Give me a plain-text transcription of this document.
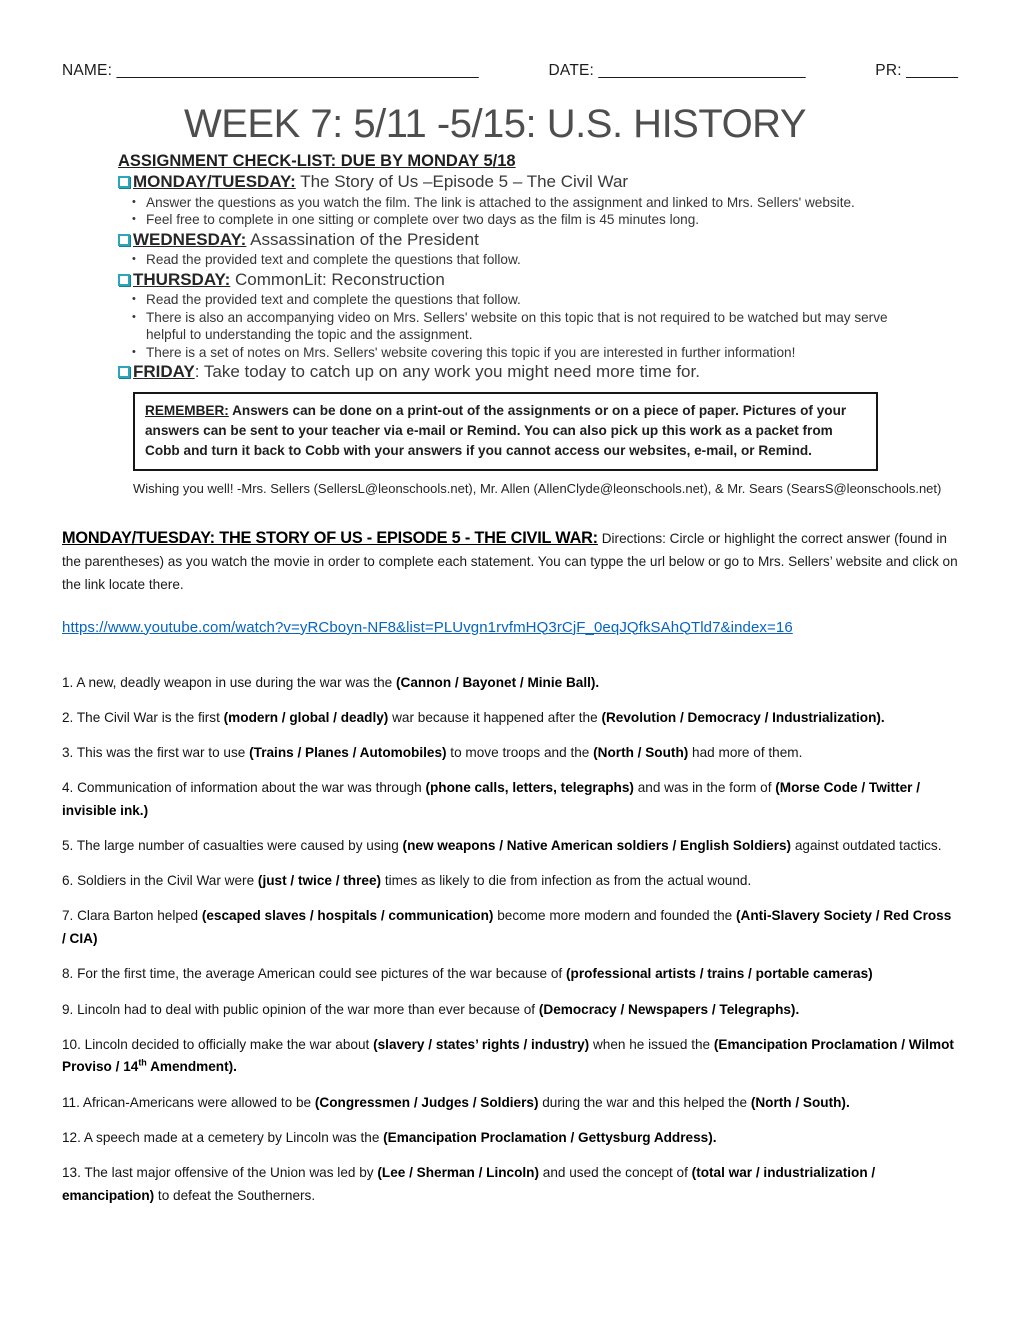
NAME: __________________________________________	DATE: ________________________	PR: ______
WEEK 7: 5/11 -5/15: U.S. HISTORY
ASSIGNMENT CHECK-LIST: DUE BY MONDAY 5/18
MONDAY/TUESDAY: The Story of Us –Episode 5 – The Civil War
• Answer the questions as you watch the film. The link is attached to the assignment and linked to Mrs. Sellers' website.
• Feel free to complete in one sitting or complete over two days as the film is 45 minutes long.
WEDNESDAY: Assassination of the President
• Read the provided text and complete the questions that follow.
THURSDAY: CommonLit: Reconstruction
• Read the provided text and complete the questions that follow.
• There is also an accompanying video on Mrs. Sellers' website on this topic that is not required to be watched but may serve helpful to understanding the topic and the assignment.
• There is a set of notes on Mrs. Sellers' website covering this topic if you are interested in further information!
FRIDAY: Take today to catch up on any work you might need more time for.
REMEMBER: Answers can be done on a print-out of the assignments or on a piece of paper. Pictures of your answers can be sent to your teacher via e-mail or Remind. You can also pick up this work as a packet from Cobb and turn it back to Cobb with your answers if you cannot access our websites, e-mail, or Remind.
Wishing you well! -Mrs. Sellers (SellersL@leonschools.net), Mr. Allen (AllenClyde@leonschools.net), & Mr. Sears (SearsS@leonschools.net)

MONDAY/TUESDAY: THE STORY OF US - EPISODE 5 - THE CIVIL WAR: Directions: Circle or highlight the correct answer (found in the parentheses) as you watch the movie in order to complete each statement. You can typpe the url below or go to Mrs. Sellers’ website and click on the link locate there.

https://www.youtube.com/watch?v=yRCboyn-NF8&list=PLUvgn1rvfmHQ3rCjF_0eqJQfkSAhQTld7&index=16

1. A new, deadly weapon in use during the war was the (Cannon / Bayonet / Minie Ball).

2. The Civil War is the first (modern / global / deadly) war because it happened after the (Revolution / Democracy / Industrialization).

3. This was the first war to use (Trains / Planes / Automobiles) to move troops and the (North / South) had more of them.

4. Communication of information about the war was through (phone calls, letters, telegraphs) and was in the form of (Morse Code / Twitter / invisible ink.)

5. The large number of casualties were caused by using (new weapons / Native American soldiers / English Soldiers) against outdated tactics.

6. Soldiers in the Civil War were (just / twice / three) times as likely to die from infection as from the actual wound.

7. Clara Barton helped (escaped slaves / hospitals / communication) become more modern and founded the (Anti-Slavery Society / Red Cross / CIA)

8. For the first time, the average American could see pictures of the war because of (professional artists / trains / portable cameras)

9. Lincoln had to deal with public opinion of the war more than ever because of (Democracy / Newspapers / Telegraphs).

10. Lincoln decided to officially make the war about (slavery / states’ rights / industry) when he issued the (Emancipation Proclamation / Wilmot Proviso / 14th Amendment).

11. African-Americans were allowed to be (Congressmen / Judges / Soldiers) during the war and this helped the (North / South).

12. A speech made at a cemetery by Lincoln was the (Emancipation Proclamation / Gettysburg Address).

13. The last major offensive of the Union was led by (Lee / Sherman / Lincoln) and used the concept of (total war / industrialization / emancipation) to defeat the Southerners.
